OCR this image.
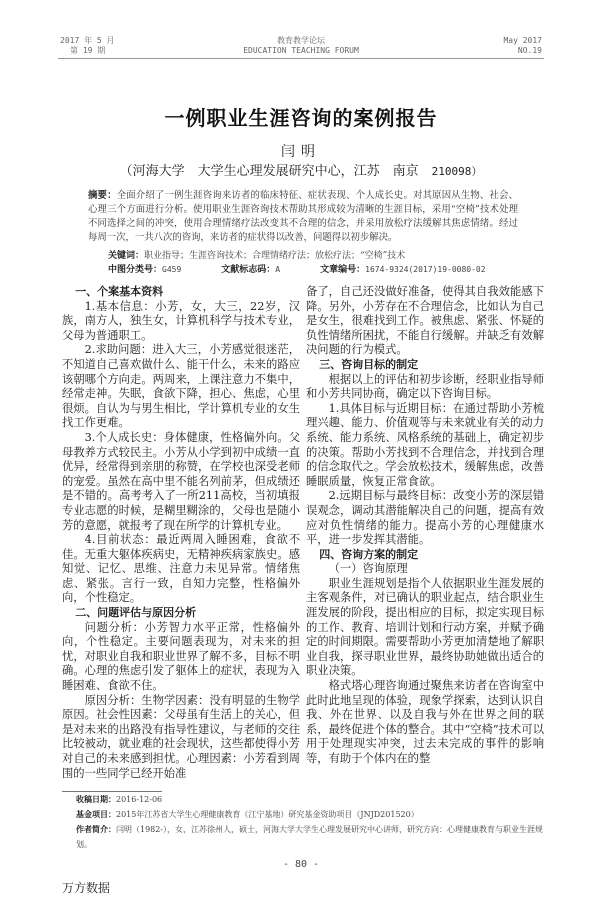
2017 年 5 月
第 19 期
教育教学论坛
EDUCATION TEACHING FORUM
May 2017
NO.19
一例职业生涯咨询的案例报告
闫明
（河海大学　大学生心理发展研究中心，江苏　南京　 210098）
摘要：全面介绍了一例生涯咨询来访者的临床特征、症状表现、个人成长史。对其原因从生物、社会、心理三个方面进行分析。使用职业生涯咨询技术帮助其形成较为清晰的生涯目标，采用“空椅”技术处理不同选择之间的冲突，使用合理情绪疗法改变其不合理的信念，并采用放松疗法缓解其焦虑情绪。经过每周一次，一共八次的咨询，来访者的症状得以改善，问题得以初步解决。
关键词：职业指导；生涯咨询技术；合理情绪疗法；放松疗法；“空椅”技术
中图分类号：G459	文献标志码：A	文章编号：1674-9324(2017)19-0080-02
一、个案基本资料

1.基本信息：小芳，女，大三，22岁，汉族，南方人，独生女，计算机科学与技术专业，父母为普通职工。

2.求助问题：进入大三，小芳感觉很迷茫，不知道自己喜欢做什么、能干什么，未来的路应该朝哪个方向走。两周来，上课注意力不集中，经常走神。失眠，食欲下降，担心、焦虑，心里很烦。自认为与男生相比，学计算机专业的女生找工作更难。

3.个人成长史：身体健康，性格偏外向。父母教养方式较民主。小芳从小学到初中成绩一直优异，经常得到亲朋的称赞，在学校也深受老师的宠爱。虽然在高中里不能名列前茅，但成绩还是不错的。高考考入了一所211高校，当初填报专业志愿的时候，是糊里糊涂的，父母也是随小芳的意愿，就报考了现在所学的计算机专业。

4.目前状态：最近两周入睡困难，食欲不佳。无重大躯体疾病史，无精神疾病家族史。感知觉、记忆、思维、注意力未见异常。情绪焦虑、紧张。言行一致，自知力完整，性格偏外向，个性稳定。

二、问题评估与原因分析

问题分析：小芳智力水平正常，性格偏外向，个性稳定。主要问题表现为，对未来的担忧，对职业自我和职业世界了解不多，目标不明确。心理的焦虑引发了躯体上的症状，表现为入睡困难、食欲不住。

原因分析：生物学因素：没有明显的生物学原因。社会性因素：父母虽有生活上的关心，但是对未来的出路没有指导性建议，与老师的交往比较被动，就业难的社会现状，这些都使得小芳对自己的未来感到担忧。心理因素：小芳看到周围的一些同学已经开始准

备了，自己还没做好准备，使得其自我效能感下降。另外，小芳存在不合理信念，比如认为自己是女生，很难找到工作。被焦虑、紧张、怀疑的负性情绪所困扰，不能自行缓解。并缺乏有效解决问题的行为模式。

三、咨询目标的制定

根据以上的评估和初步诊断，经职业指导师和小芳共同协商，确定以下咨询目标。

1.具体目标与近期目标：在通过帮助小芳梳理兴趣、能力、价值观等与未来就业有关的动力系统、能力系统、风格系统的基础上，确定初步的决策。帮助小芳找到不合理信念，并找到合理的信念取代之。学会放松技术，缓解焦虑，改善睡眠质量，恢复正常食欲。

2.远期目标与最终目标：改变小芳的深层错误观念，调动其潜能解决自己的问题，提高有效应对负性情绪的能力。提高小芳的心理健康水平，进一步发挥其潜能。

四、咨询方案的制定

（一）咨询原理

职业生涯规划是指个人依据职业生涯发展的主客观条件，对已确认的职业起点，结合职业生涯发展的阶段，提出相应的目标，拟定实现目标的工作、教育、培训计划和行动方案，并赋予确定的时间期限。需要帮助小芳更加清楚地了解职业自我，探寻职业世界，最终协助她做出适合的职业决策。

格式塔心理咨询通过聚焦来访者在咨询室中此时此地呈现的体验，现象学探索，达到认识自我、外在世界、以及自我与外在世界之间的联系，最终促进个体的整合。其中“空椅”技术可以用于处理现实冲突，过去未完成的事件的影响等，有助于个体内在的整

收稿日期：2016-12-06
基金项目：2015年江苏省大学生心理健康教育（江宁基地）研究基金资助项目（JNJD201520）
作者简介：闫明（1982-），女，江苏徐州人，硕士，河海大学大学生心理发展研究中心讲师，研究方向：心理健康教育与职业生涯规划。
- 80 -
万方数据
